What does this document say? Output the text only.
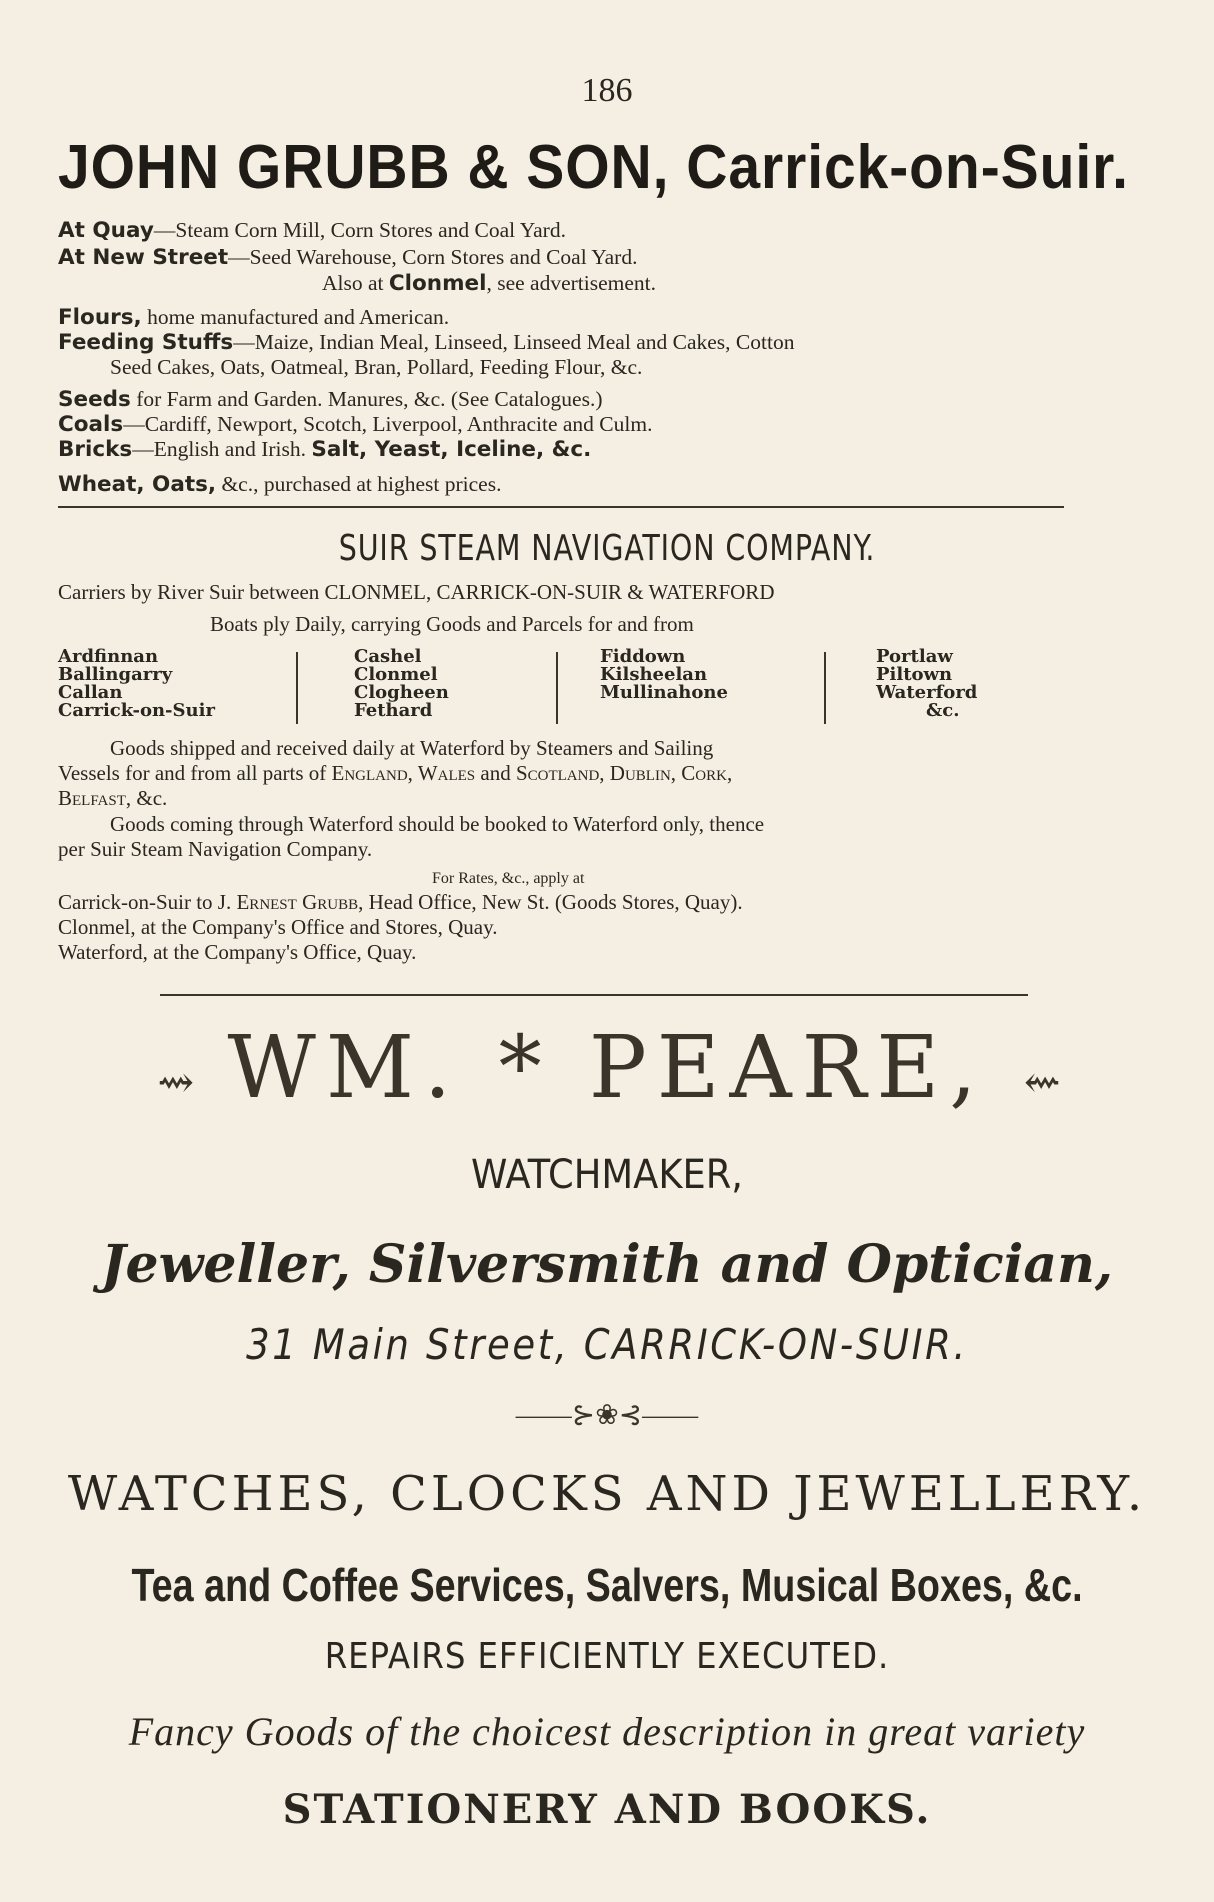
186
JOHN GRUBB & SON, Carrick-on-Suir.
At Quay—Steam Corn Mill, Corn Stores and Coal Yard.
At New Street—Seed Warehouse, Corn Stores and Coal Yard.
Also at Clonmel, see advertisement.
Flours, home manufactured and American.
Feeding Stuffs—Maize, Indian Meal, Linseed, Linseed Meal and Cakes, Cotton
Seed Cakes, Oats, Oatmeal, Bran, Pollard, Feeding Flour, &c.
Seeds for Farm and Garden. Manures, &c. (See Catalogues.)
Coals—Cardiff, Newport, Scotch, Liverpool, Anthracite and Culm.
Bricks—English and Irish. Salt, Yeast, Iceline, &c.
Wheat, Oats, &c., purchased at highest prices.
SUIR STEAM NAVIGATION COMPANY.
Carriers by River Suir between CLONMEL, CARRICK-ON-SUIR & WATERFORD
Boats ply Daily, carrying Goods and Parcels for and from
Ardfinnan
Ballingarry
Callan
Carrick-on-Suir
Cashel
Clonmel
Clogheen
Fethard
Fiddown
Kilsheelan
Mullinahone
Portlaw
Piltown
Waterford
&c.
Goods shipped and received daily at Waterford by Steamers and Sailing
Vessels for and from all parts of England, Wales and Scotland, Dublin, Cork,
Belfast, &c.
Goods coming through Waterford should be booked to Waterford only, thence
per Suir Steam Navigation Company.
For Rates, &c., apply at
Carrick-on-Suir to J. Ernest Grubb, Head Office, New St. (Goods Stores, Quay).
Clonmel, at the Company's Office and Stores, Quay.
Waterford, at the Company's Office, Quay.
⇝ WM. * PEARE, ⇜
WATCHMAKER,
Jeweller, Silversmith and Optician,
31 Main Street, CARRICK-ON-SUIR.
——⊱❀⊰——
WATCHES, CLOCKS AND JEWELLERY.
Tea and Coffee Services, Salvers, Musical Boxes, &c.
REPAIRS EFFICIENTLY EXECUTED.
Fancy Goods of the choicest description in great variety
STATIONERY AND BOOKS.
